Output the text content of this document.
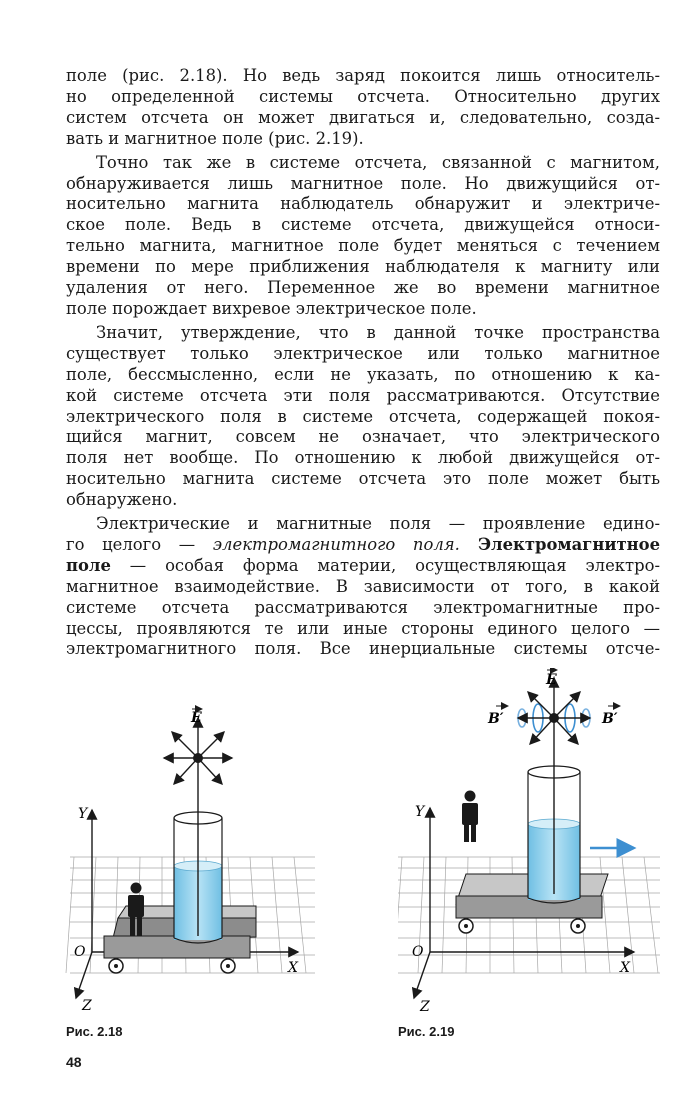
поле (рис. 2.18). Но ведь заряд покоится лишь относитель-
но определенной системы отсчета. Относительно других
систем отсчета он может двигаться и, следовательно, созда-
вать и магнитное поле (рис. 2.19).
Точно так же в системе отсчета, связанной с магнитом,
обнаруживается лишь магнитное поле. Но движущийся от-
носительно магнита наблюдатель обнаружит и электриче-
ское поле. Ведь в системе отсчета, движущейся относи-
тельно магнита, магнитное поле будет меняться с течением
времени по мере приближения наблюдателя к магниту или
удаления от него. Переменное же во времени магнитное
поле порождает вихревое электрическое поле.
Значит, утверждение, что в данной точке пространства
существует только электрическое или только магнитное
поле, бессмысленно, если не указать, по отношению к ка-
кой системе отсчета эти поля рассматриваются. Отсутствие
электрического поля в системе отсчета, содержащей покоя-
щийся магнит, совсем не означает, что электрического
поля нет вообще. По отношению к любой движущейся от-
носительно магнита системе отсчета это поле может быть
обнаружено.
Электрические и магнитные поля — проявление едино-
го целого — электромагнитного поля. Электромагнитное
поле — особая форма материи, осуществляющая электро-
магнитное взаимодействие. В зависимости от того, в какой
системе отсчета рассматриваются электромагнитные про-
цессы, проявляются те или иные стороны единого целого —
электромагнитного поля. Все инерциальные системы отсче-
Y
X
Z
O
E
Y
X
Z
O
B′	B′
E
Рис. 2.18	Рис. 2.19
48
